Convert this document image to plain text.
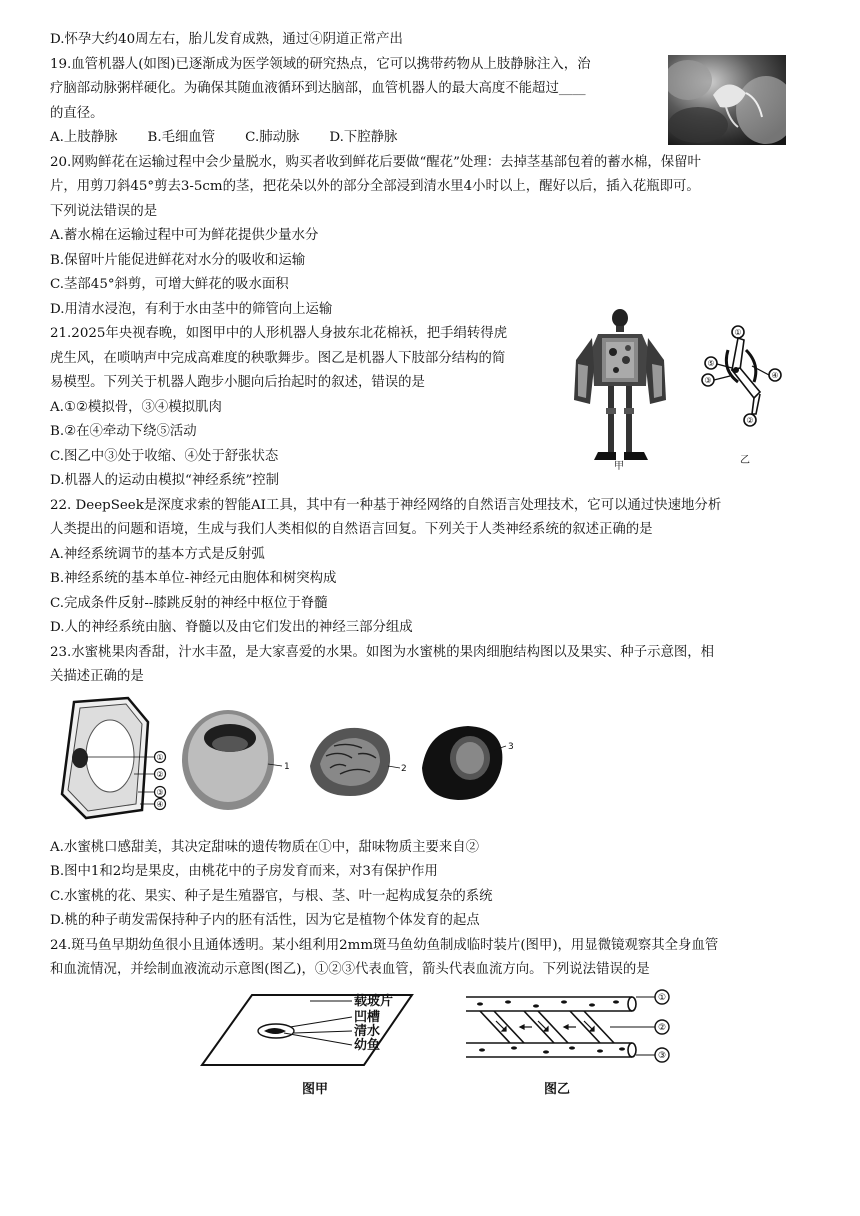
D.怀孕大约40周左右，胎儿发育成熟，通过④阴道正常产出
19.血管机器人(如图)已逐渐成为医学领域的研究热点，它可以携带药物从上肢静脉注入，治
疗脑部动脉粥样硬化。为确保其随血液循环到达脑部，血管机器人的最大高度不能超过____
的直径。
A.上肢静脉 B.毛细血管 C.肺动脉 D.下腔静脉
20.网购鲜花在运输过程中会少量脱水，购买者收到鲜花后要做“醒花”处理：去掉茎基部包着的蓄水棉，保留叶
片，用剪刀斜45°剪去3-5cm的茎，把花朵以外的部分全部浸到清水里4小时以上，醒好以后，插入花瓶即可。
下列说法错误的是
A.蓄水棉在运输过程中可为鲜花提供少量水分
B.保留叶片能促进鲜花对水分的吸收和运输
C.茎部45°斜剪，可增大鲜花的吸水面积
D.用清水浸泡，有利于水由茎中的筛管向上运输
21.2025年央视春晚，如图甲中的人形机器人身披东北花棉袄，把手绢转得虎
虎生风，在唢呐声中完成高难度的秧歌舞步。图乙是机器人下肢部分结构的简
易模型。下列关于机器人跑步小腿向后抬起时的叙述，错误的是
A.①②模拟骨，③④模拟肌肉
B.②在④牵动下绕⑤活动
C.图乙中③处于收缩、④处于舒张状态
D.机器人的运动由模拟“神经系统”控制
甲
①
⑤
③
④
②
乙
22. DeepSeek是深度求索的智能AI工具，其中有一种基于神经网络的自然语言处理技术，它可以通过快速地分析
人类提出的问题和语境，生成与我们人类相似的自然语言回复。下列关于人类神经系统的叙述正确的是
A.神经系统调节的基本方式是反射弧
B.神经系统的基本单位-神经元由胞体和树突构成
C.完成条件反射--膝跳反射的神经中枢位于脊髓
D.人的神经系统由脑、脊髓以及由它们发出的神经三部分组成
23.水蜜桃果肉香甜，汁水丰盈，是大家喜爱的水果。如图为水蜜桃的果肉细胞结构图以及果实、种子示意图，相
关描述正确的是
①
②
③
④
1	2
3
A.水蜜桃口感甜美，其决定甜味的遗传物质在①中，甜味物质主要来自②
B.图中1和2均是果皮，由桃花中的子房发育而来，对3有保护作用
C.水蜜桃的花、果实、种子是生殖器官，与根、茎、叶一起构成复杂的系统
D.桃的种子萌发需保持种子内的胚有活性，因为它是植物个体发育的起点
24.斑马鱼早期幼鱼很小且通体透明。某小组利用2mm斑马鱼幼鱼制成临时装片(图甲)，用显微镜观察其全身血管
和血流情况，并绘制血液流动示意图(图乙)，①②③代表血管，箭头代表血流方向。下列说法错误的是
载玻片
凹槽
清水
幼鱼
图甲
①
②
③
图乙
